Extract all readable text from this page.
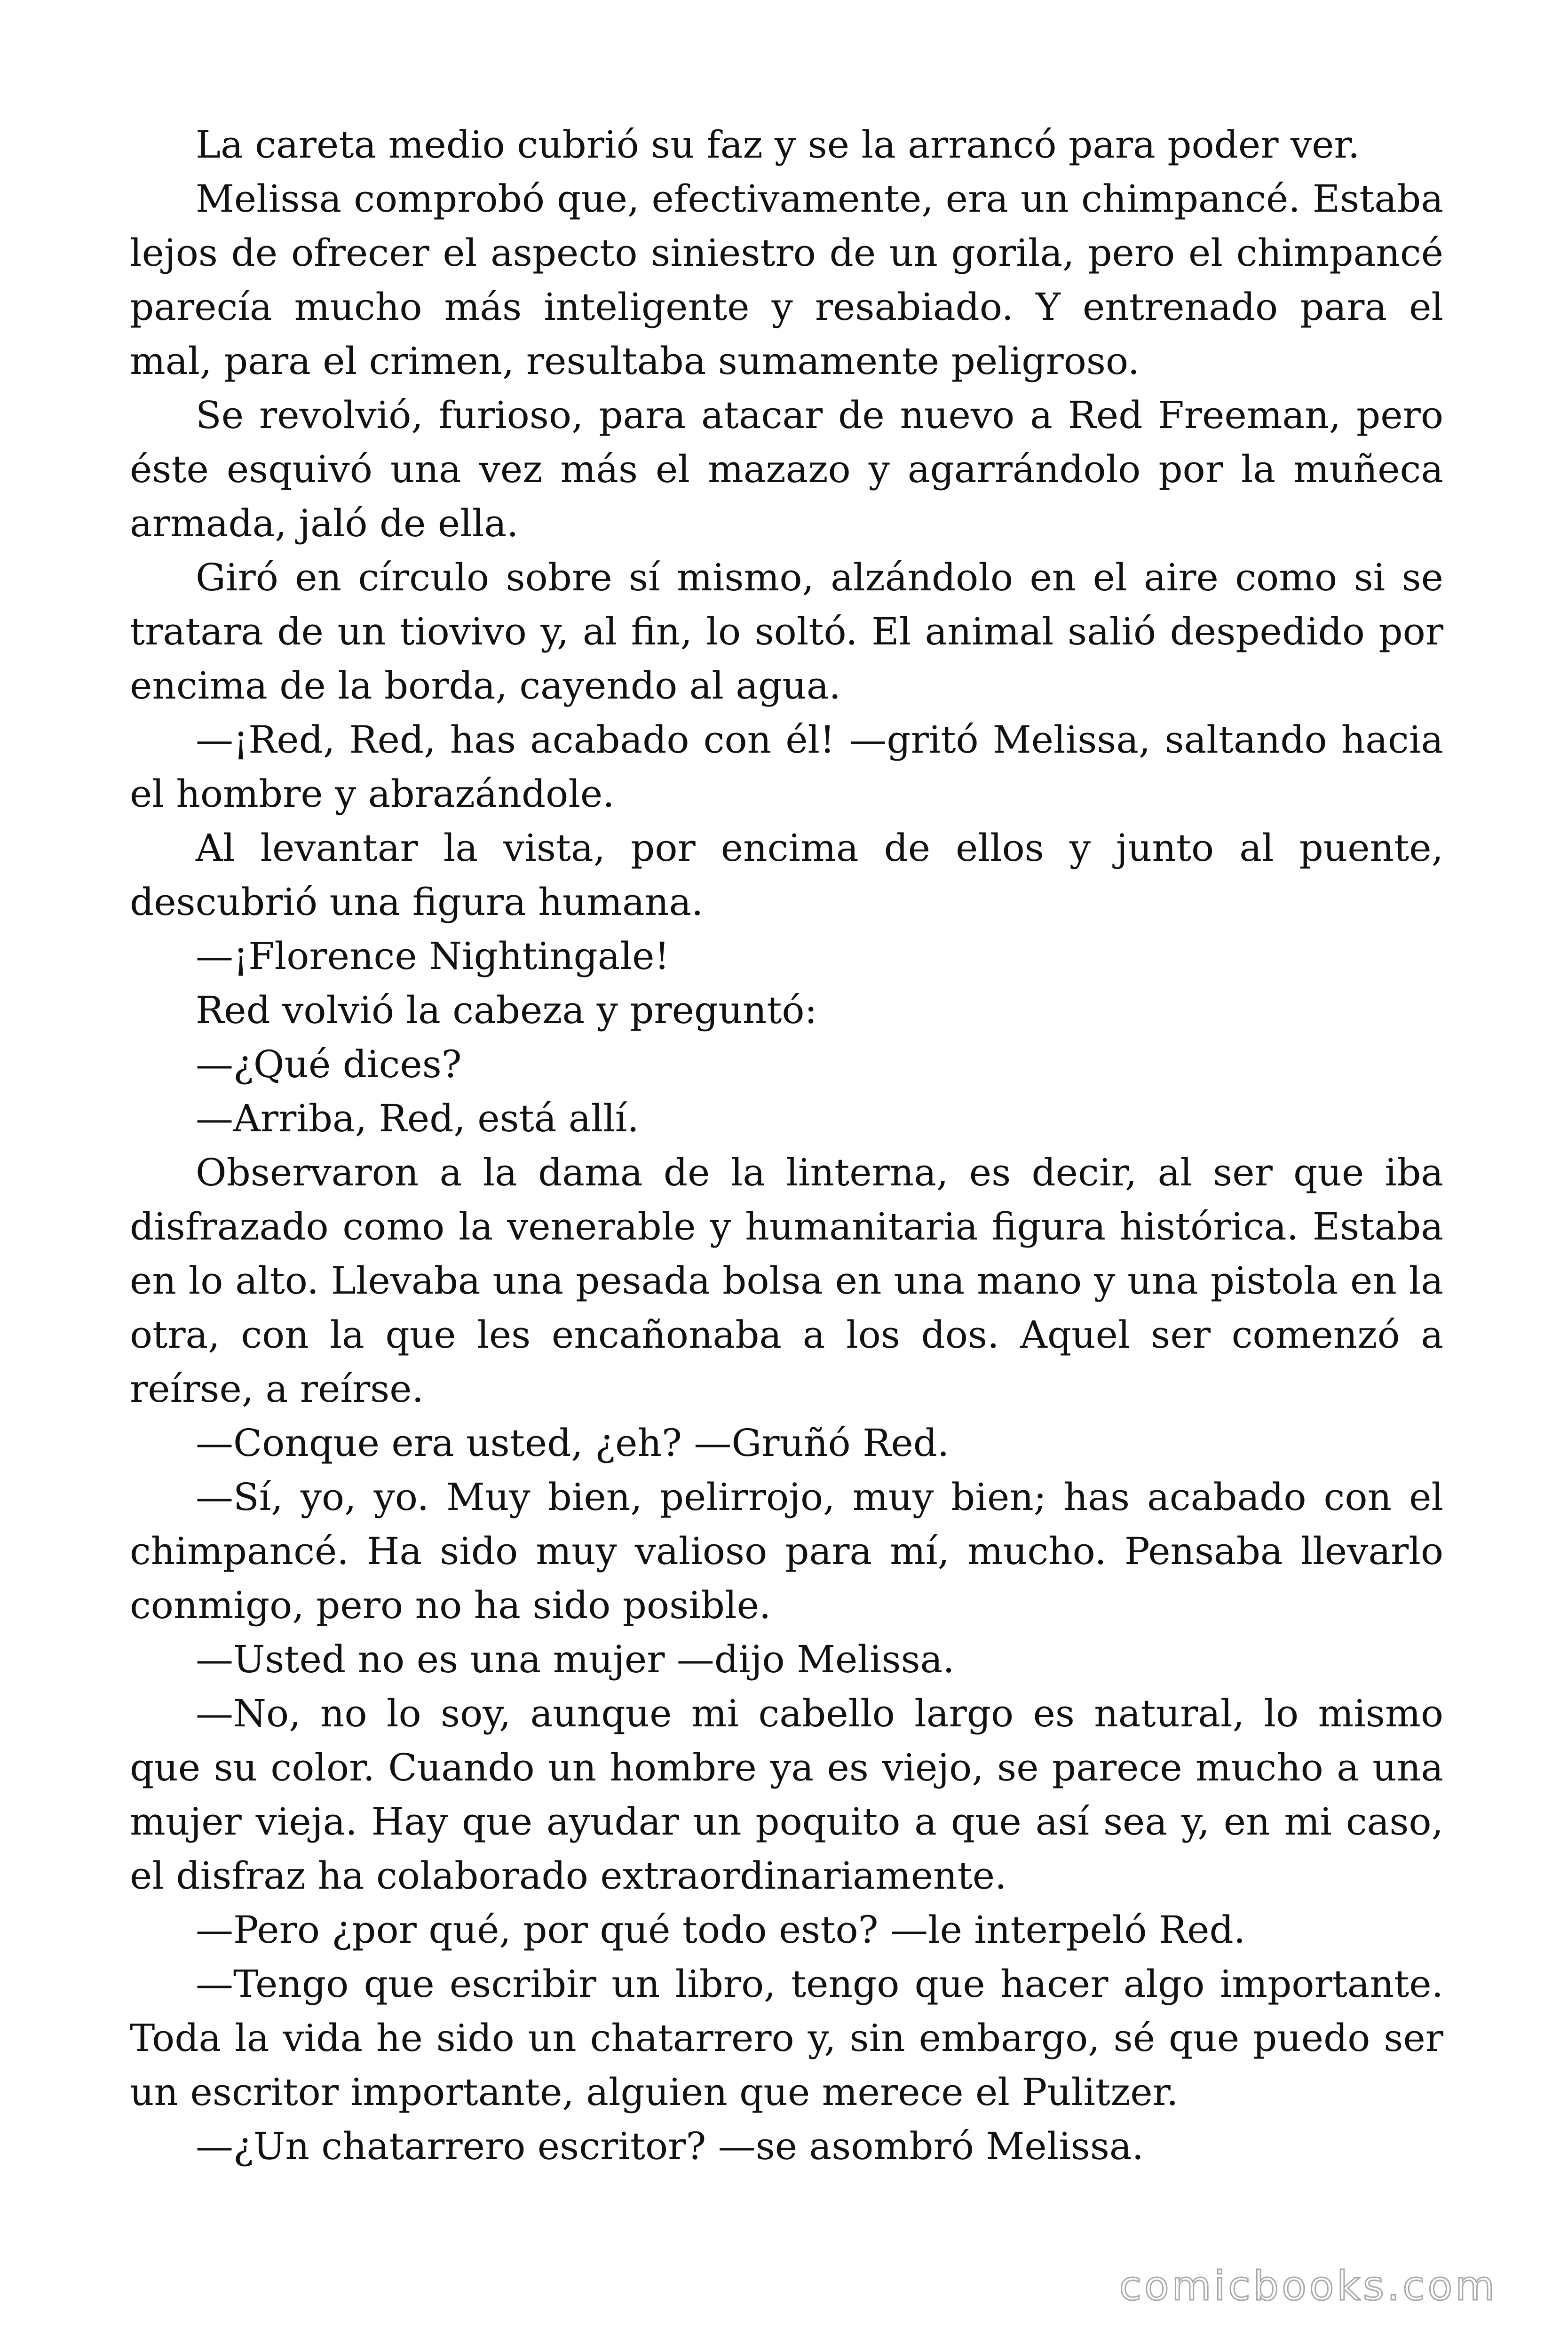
La careta medio cubrió su faz y se la arrancó para poder ver.

Melissa comprobó que, efectivamente, era un chimpancé. Estaba lejos de ofrecer el aspecto siniestro de un gorila, pero el chimpancé parecía mucho más inteligente y resabiado. Y entrenado para el mal, para el crimen, resultaba sumamente peligroso.

Se revolvió, furioso, para atacar de nuevo a Red Freeman, pero éste esquivó una vez más el mazazo y agarrándolo por la muñeca armada, jaló de ella.

Giró en círculo sobre sí mismo, alzándolo en el aire como si se tratara de un tiovivo y, al fin, lo soltó. El animal salió despedido por encima de la borda, cayendo al agua.

—¡Red, Red, has acabado con él! —gritó Melissa, saltando hacia el hombre y abrazándole.

Al levantar la vista, por encima de ellos y junto al puente, descubrió una figura humana.

—¡Florence Nightingale!

Red volvió la cabeza y preguntó:

—¿Qué dices?

—Arriba, Red, está allí.

Observaron a la dama de la linterna, es decir, al ser que iba disfrazado como la venerable y humanitaria figura histórica. Estaba en lo alto. Llevaba una pesada bolsa en una mano y una pistola en la otra, con la que les encañonaba a los dos. Aquel ser comenzó a reírse, a reírse.

—Conque era usted, ¿eh? —Gruñó Red.

—Sí, yo, yo. Muy bien, pelirrojo, muy bien; has acabado con el chimpancé. Ha sido muy valioso para mí, mucho. Pensaba llevarlo conmigo, pero no ha sido posible.

—Usted no es una mujer —dijo Melissa.

—No, no lo soy, aunque mi cabello largo es natural, lo mismo que su color. Cuando un hombre ya es viejo, se parece mucho a una mujer vieja. Hay que ayudar un poquito a que así sea y, en mi caso, el disfraz ha colaborado extraordinariamente.

—Pero ¿por qué, por qué todo esto? —le interpeló Red.

—Tengo que escribir un libro, tengo que hacer algo importante. Toda la vida he sido un chatarrero y, sin embargo, sé que puedo ser un escritor importante, alguien que merece el Pulitzer.

—¿Un chatarrero escritor? —se asombró Melissa.

comicbooks.com
